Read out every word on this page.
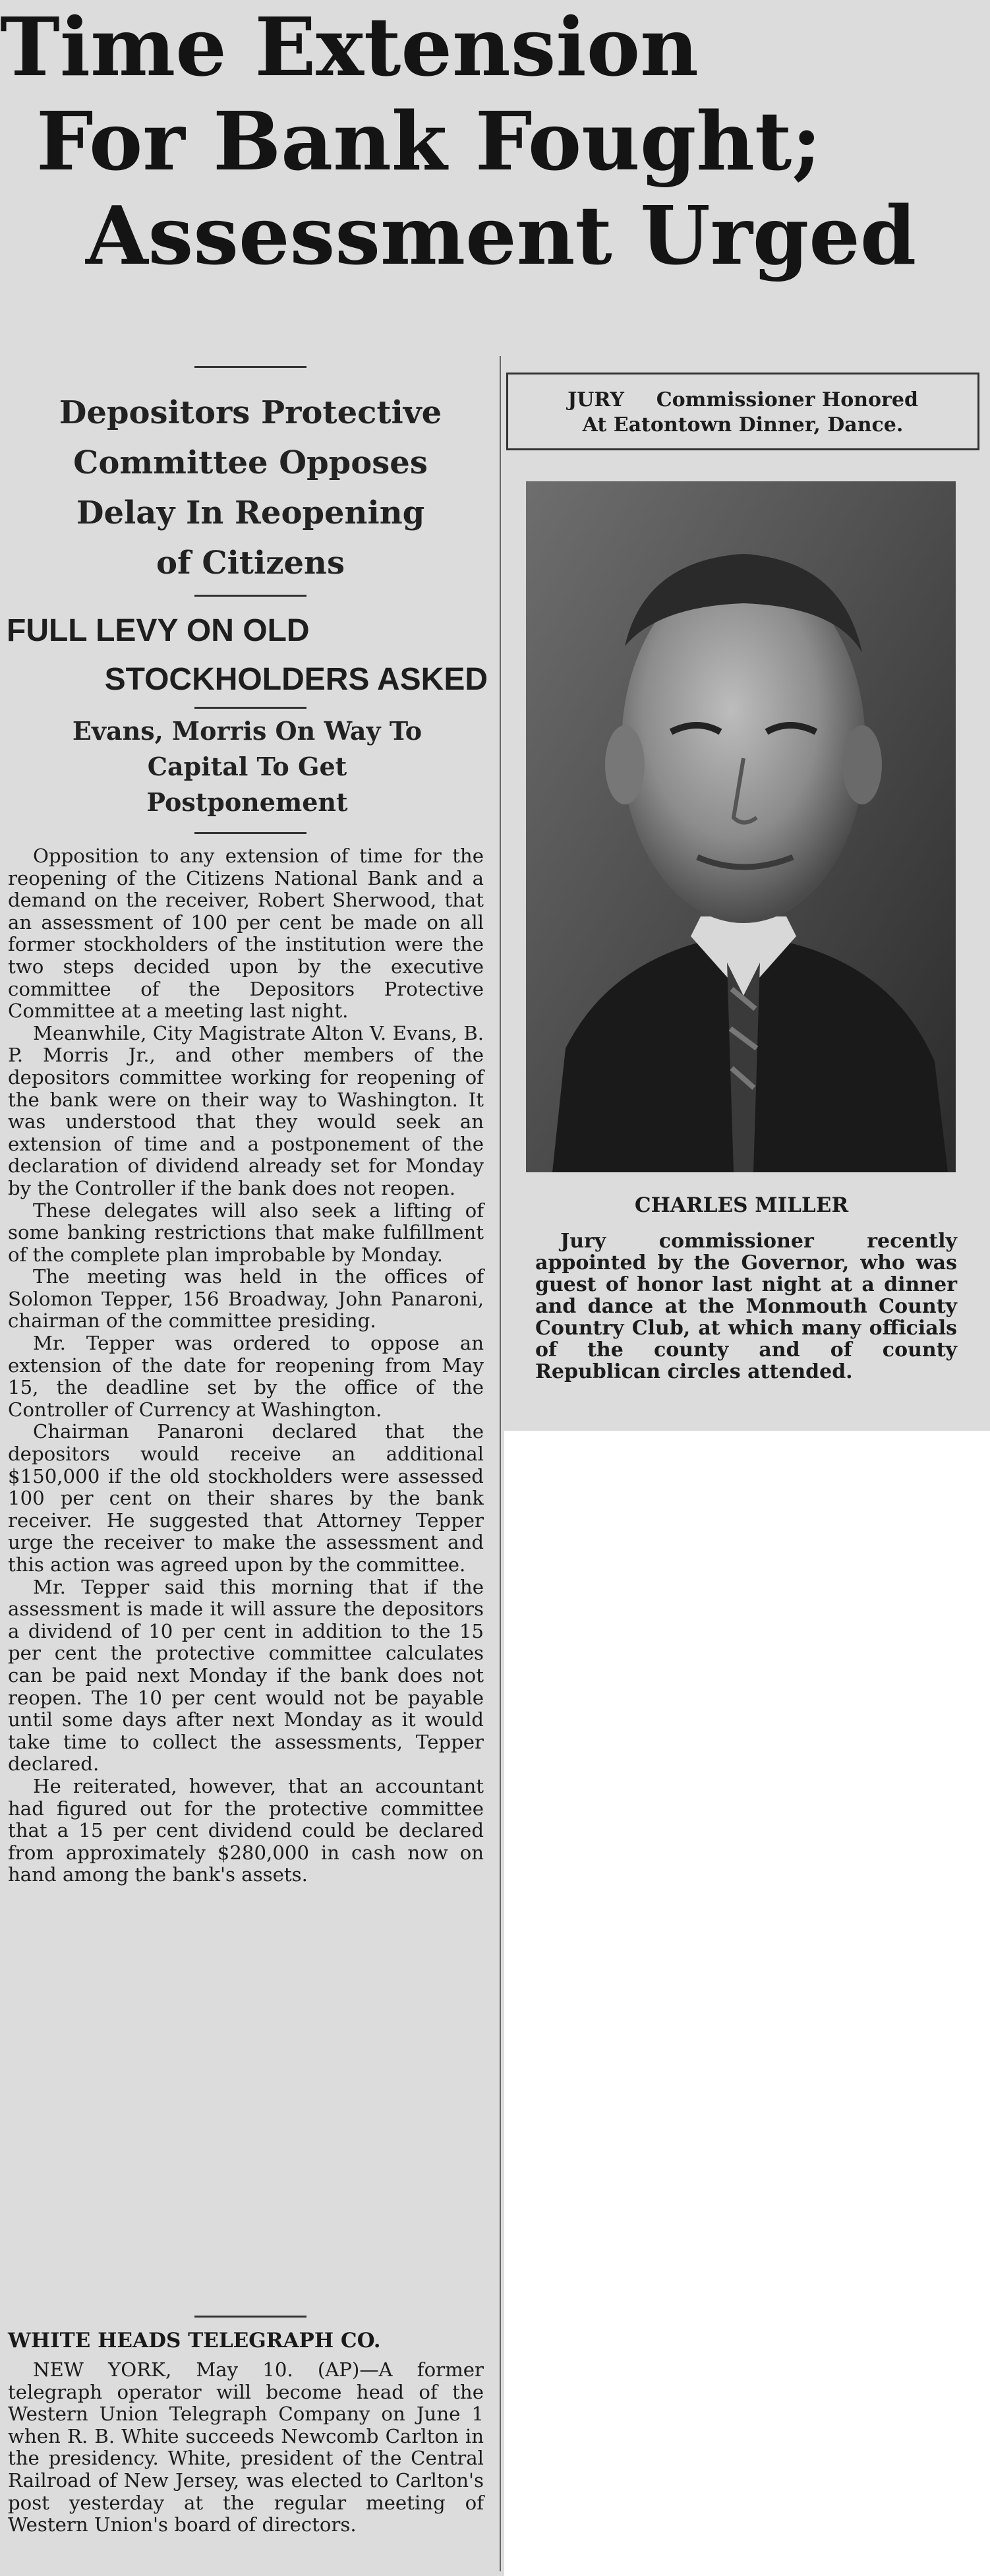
Time Extension
For Bank Fought;
Assessment Urged
Depositors Protective
Committee Opposes
Delay In Reopening
of Citizens
FULL LEVY ON OLD
STOCKHOLDERS ASKED
Evans, Morris On Way To
Capital To Get
Postponement

Opposition to any extension of time for the reopening of the Citizens National Bank and a demand on the receiver, Robert Sherwood, that an assessment of 100 per cent be made on all former stockholders of the institution were the two steps decided upon by the executive committee of the Depositors Protective Committee at a meeting last night.

Meanwhile, City Magistrate Alton V. Evans, B. P. Morris Jr., and other members of the depositors committee working for reopening of the bank were on their way to Washington. It was understood that they would seek an extension of time and a postponement of the declaration of dividend already set for Monday by the Controller if the bank does not reopen.

These delegates will also seek a lifting of some banking restrictions that make fulfillment of the complete plan improbable by Monday.

The meeting was held in the offices of Solomon Tepper, 156 Broadway, John Panaroni, chairman of the committee presiding.

Mr. Tepper was ordered to oppose an extension of the date for reopening from May 15, the deadline set by the office of the Controller of Currency at Washington.

Chairman Panaroni declared that the depositors would receive an additional $150,000 if the old stockholders were assessed 100 per cent on their shares by the bank receiver. He suggested that Attorney Tepper urge the receiver to make the assessment and this action was agreed upon by the committee.

Mr. Tepper said this morning that if the assessment is made it will assure the depositors a dividend of 10 per cent in addition to the 15 per cent the protective committee calculates can be paid next Monday if the bank does not reopen. The 10 per cent would not be payable until some days after next Monday as it would take time to collect the assessments, Tepper declared.

He reiterated, however, that an accountant had figured out for the protective committee that a 15 per cent dividend could be declared from approximately $280,000 in cash now on hand among the bank's assets.

WHITE HEADS TELEGRAPH CO.

NEW YORK, May 10. (AP)—A former telegraph operator will become head of the Western Union Telegraph Company on June 1 when R. B. White succeeds Newcomb Carlton in the presidency. White, president of the Central Railroad of New Jersey, was elected to Carlton's post yesterday at the regular meeting of Western Union's board of directors.

JURY Commissioner Honored
At Eatontown Dinner, Dance.
CHARLES MILLER

Jury commissioner recently appointed by the Governor, who was guest of honor last night at a dinner and dance at the Monmouth County Country Club, at which many officials of the county and of county Republican circles attended.
